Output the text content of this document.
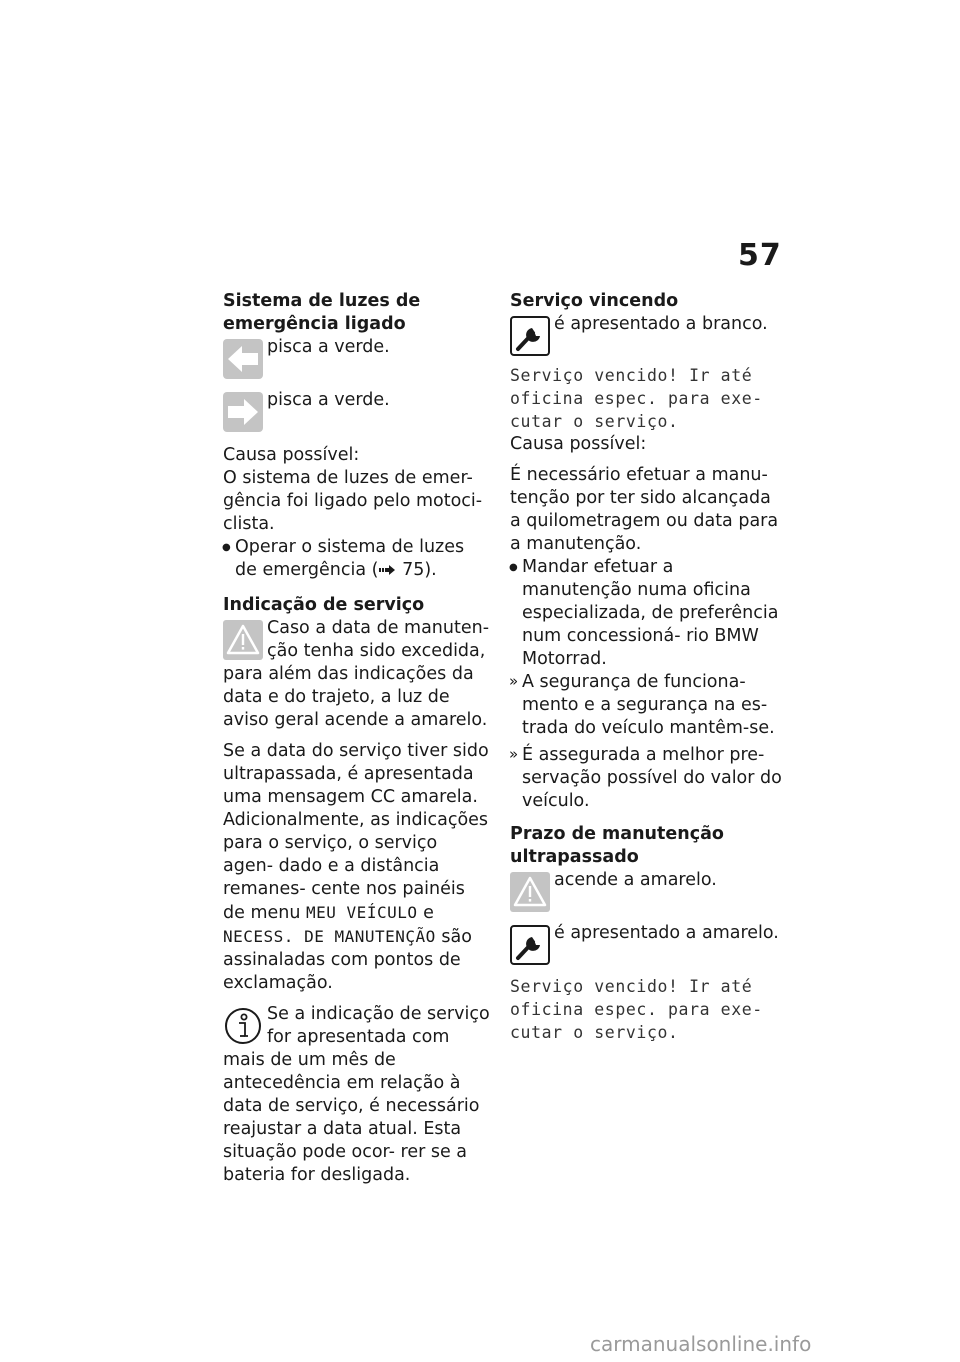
57
Sistema de luzes de emergência ligado
pisca a verde.
pisca a verde.

Causa possível:

O sistema de luzes de emer- gência foi ligado pelo motoci- clista.

● Operar o sistema de luzes de emergência ( 75).

Indicação de serviço

Caso a data de manuten- ção tenha sido excedida, para além das indicações da data e do trajeto, a luz de aviso geral acende a amarelo.

Se a data do serviço tiver sido ultrapassada, é apresentada uma mensagem CC amarela. Adicionalmente, as indicações para o serviço, o serviço agen- dado e a distância remanes- cente nos painéis de menu MEU VEÍCULO e NECESS. DE MANUTENÇÃO são assinaladas com pontos de exclamação.

Se a indicação de serviço for apresentada com mais de um mês de antecedência em relação à data de serviço, é necessário reajustar a data atual. Esta situação pode ocor- rer se a bateria for desligada.

Serviço vincendo
é apresentado a branco.

Serviço vencido! Ir até oficina espec. para exe- cutar o serviço.

Causa possível:

É necessário efetuar a manu- tenção por ter sido alcançada a quilometragem ou data para a manutenção.

● Mandar efetuar a manutenção numa oficina especializada, de preferência num concessioná- rio BMW Motorrad.

» A segurança de funciona- mento e a segurança na es- trada do veículo mantêm-se.

» É assegurada a melhor pre- servação possível do valor do veículo.

Prazo de manutenção ultrapassado
acende a amarelo.
é apresentado a amarelo.

Serviço vencido! Ir até oficina espec. para exe- cutar o serviço.

carmanualsonline.info
